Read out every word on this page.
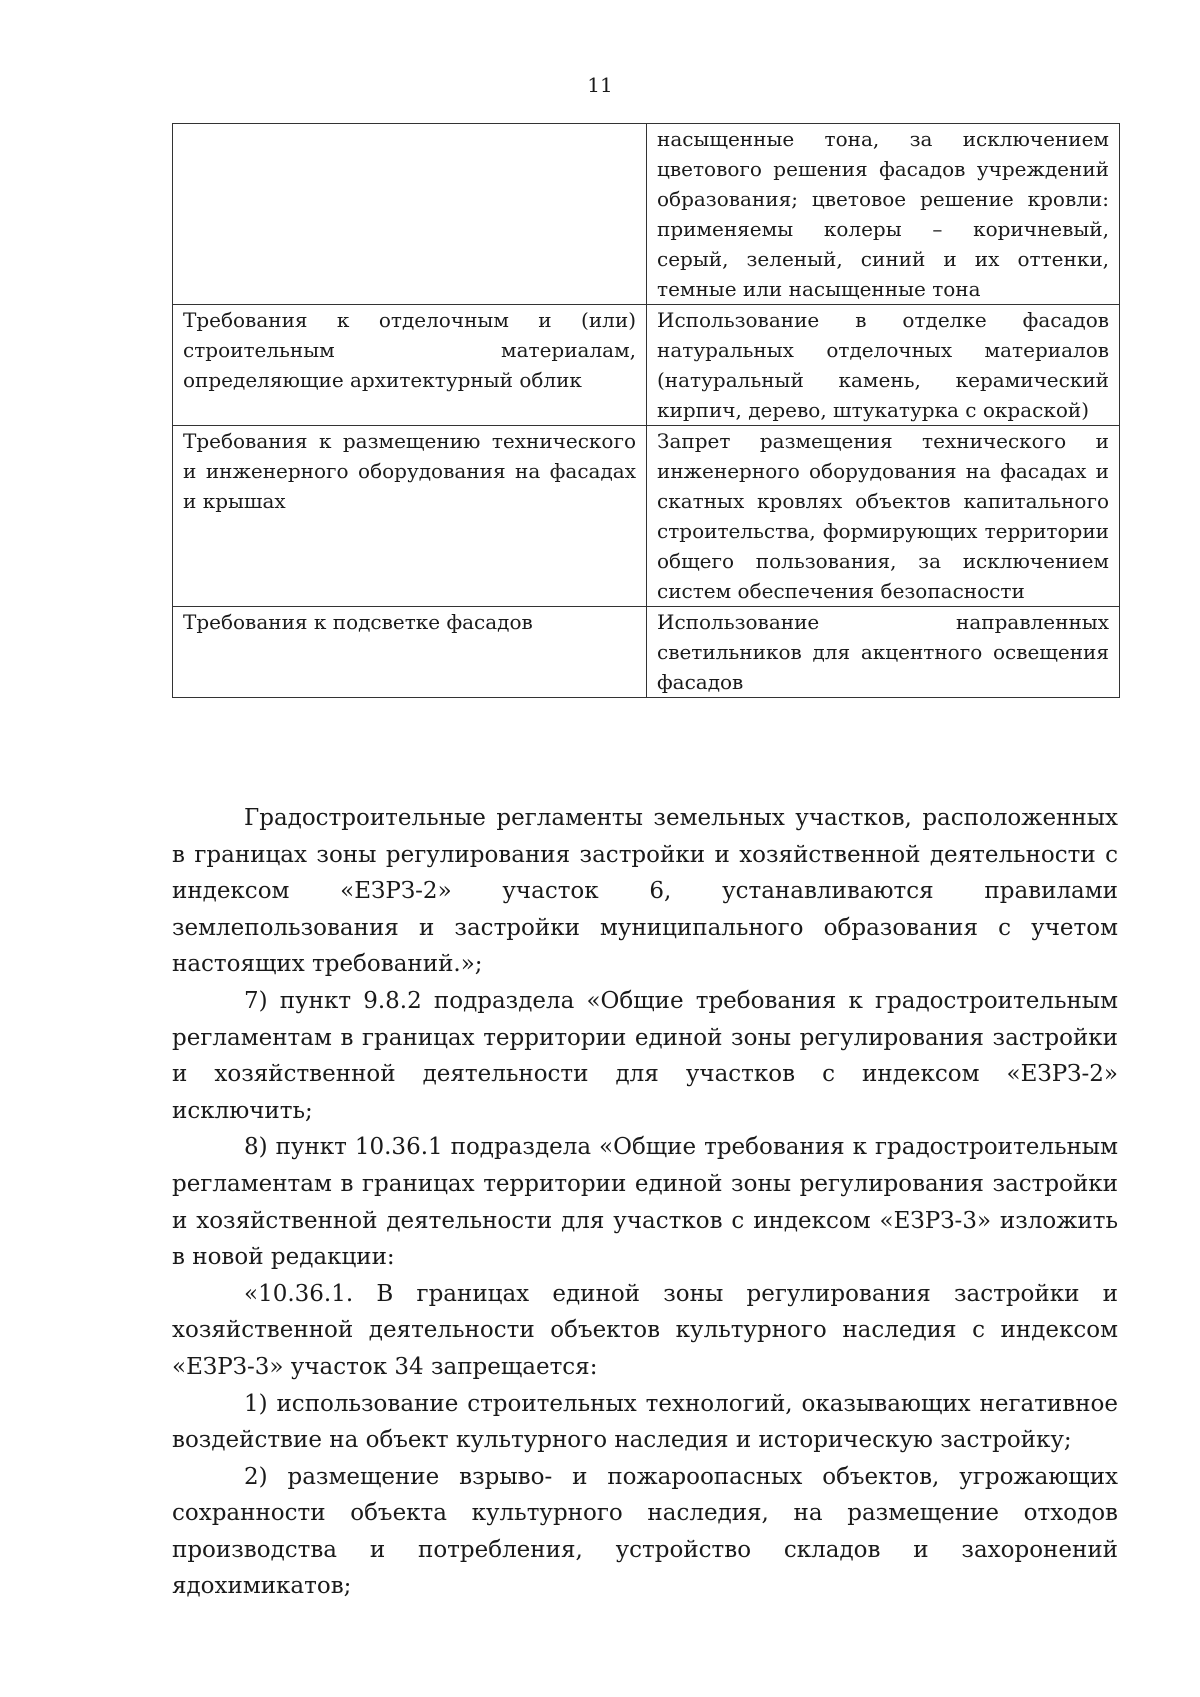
11
	насыщенные тона, за исключением цветового решения фасадов учреждений образования; цветовое решение кровли: применяемы колеры – коричневый, серый, зеленый, синий и их оттенки, темные или насыщенные тона
Требования к отделочным и (или) строительным материалам, определяющие архитектурный облик	Использование в отделке фасадов натуральных отделочных материалов (натуральный камень, керамический кирпич, дерево, штукатурка с окраской)
Требования к размещению технического и инженерного оборудования на фасадах и крышах	Запрет размещения технического и инженерного оборудования на фасадах и скатных кровлях объектов капитального строительства, формирующих территории общего пользования, за исключением систем обеспечения безопасности
Требования к подсветке фасадов	Использование направленных светильников для акцентного освещения фасадов

Градостроительные регламенты земельных участков, расположенных в границах зоны регулирования застройки и хозяйственной деятельности с индексом «ЕЗРЗ-2» участок 6, устанавливаются правилами землепользования и застройки муниципального образования с учетом настоящих требований.»;

7) пункт 9.8.2 подраздела «Общие требования к градостроительным регламентам в границах территории единой зоны регулирования застройки и хозяйственной деятельности для участков с индексом «ЕЗРЗ-2» исключить;

8) пункт 10.36.1 подраздела «Общие требования к градостроительным регламентам в границах территории единой зоны регулирования застройки и хозяйственной деятельности для участков с индексом «ЕЗРЗ-3» изложить в новой редакции:

«10.36.1. В границах единой зоны регулирования застройки и хозяйственной деятельности объектов культурного наследия с индексом «ЕЗРЗ-3» участок 34 запрещается:

1) использование строительных технологий, оказывающих негативное воздействие на объект культурного наследия и историческую застройку;

2) размещение взрыво- и пожароопасных объектов, угрожающих сохранности объекта культурного наследия, на размещение отходов производства и потребления, устройство складов и захоронений ядохимикатов;
